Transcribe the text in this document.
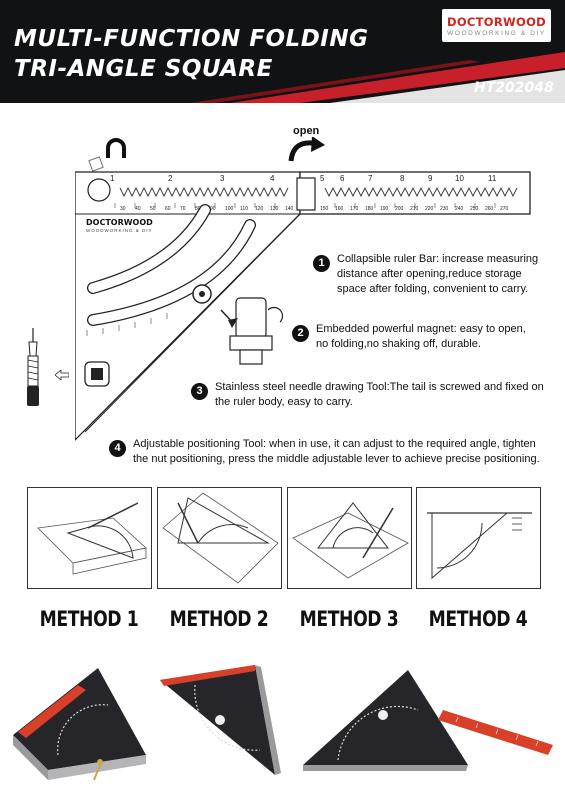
MULTI-FUNCTION FOLDING
TRI-ANGLE SQUARE
DOCTORWOOD
WOODWORKING & DIY
HT202048
open
1	2	3	4	5 6	7	8	9	10	11
30 40 50 60 70 80 90 100 110 120 130 140	150 160 170 180 190 200 210 220 230 240 250 260 270
DOCTORWOOD
WOODWORKING & DIY
1	Collapsible ruler Bar: increase measuring distance after opening,reduce storage space after folding, convenient to carry.
2	Embedded powerful magnet: easy to open, no folding,no shaking off, durable.
3	Stainless steel needle drawing Tool:The tail is screwed and fixed on the ruler body, easy to carry.
4	Adjustable positioning Tool: when in use, it can adjust to the required angle, tighten the nut positioning, press the middle adjustable lever to achieve precise positioning.
METHOD 1 METHOD 2 METHOD 3 METHOD 4
